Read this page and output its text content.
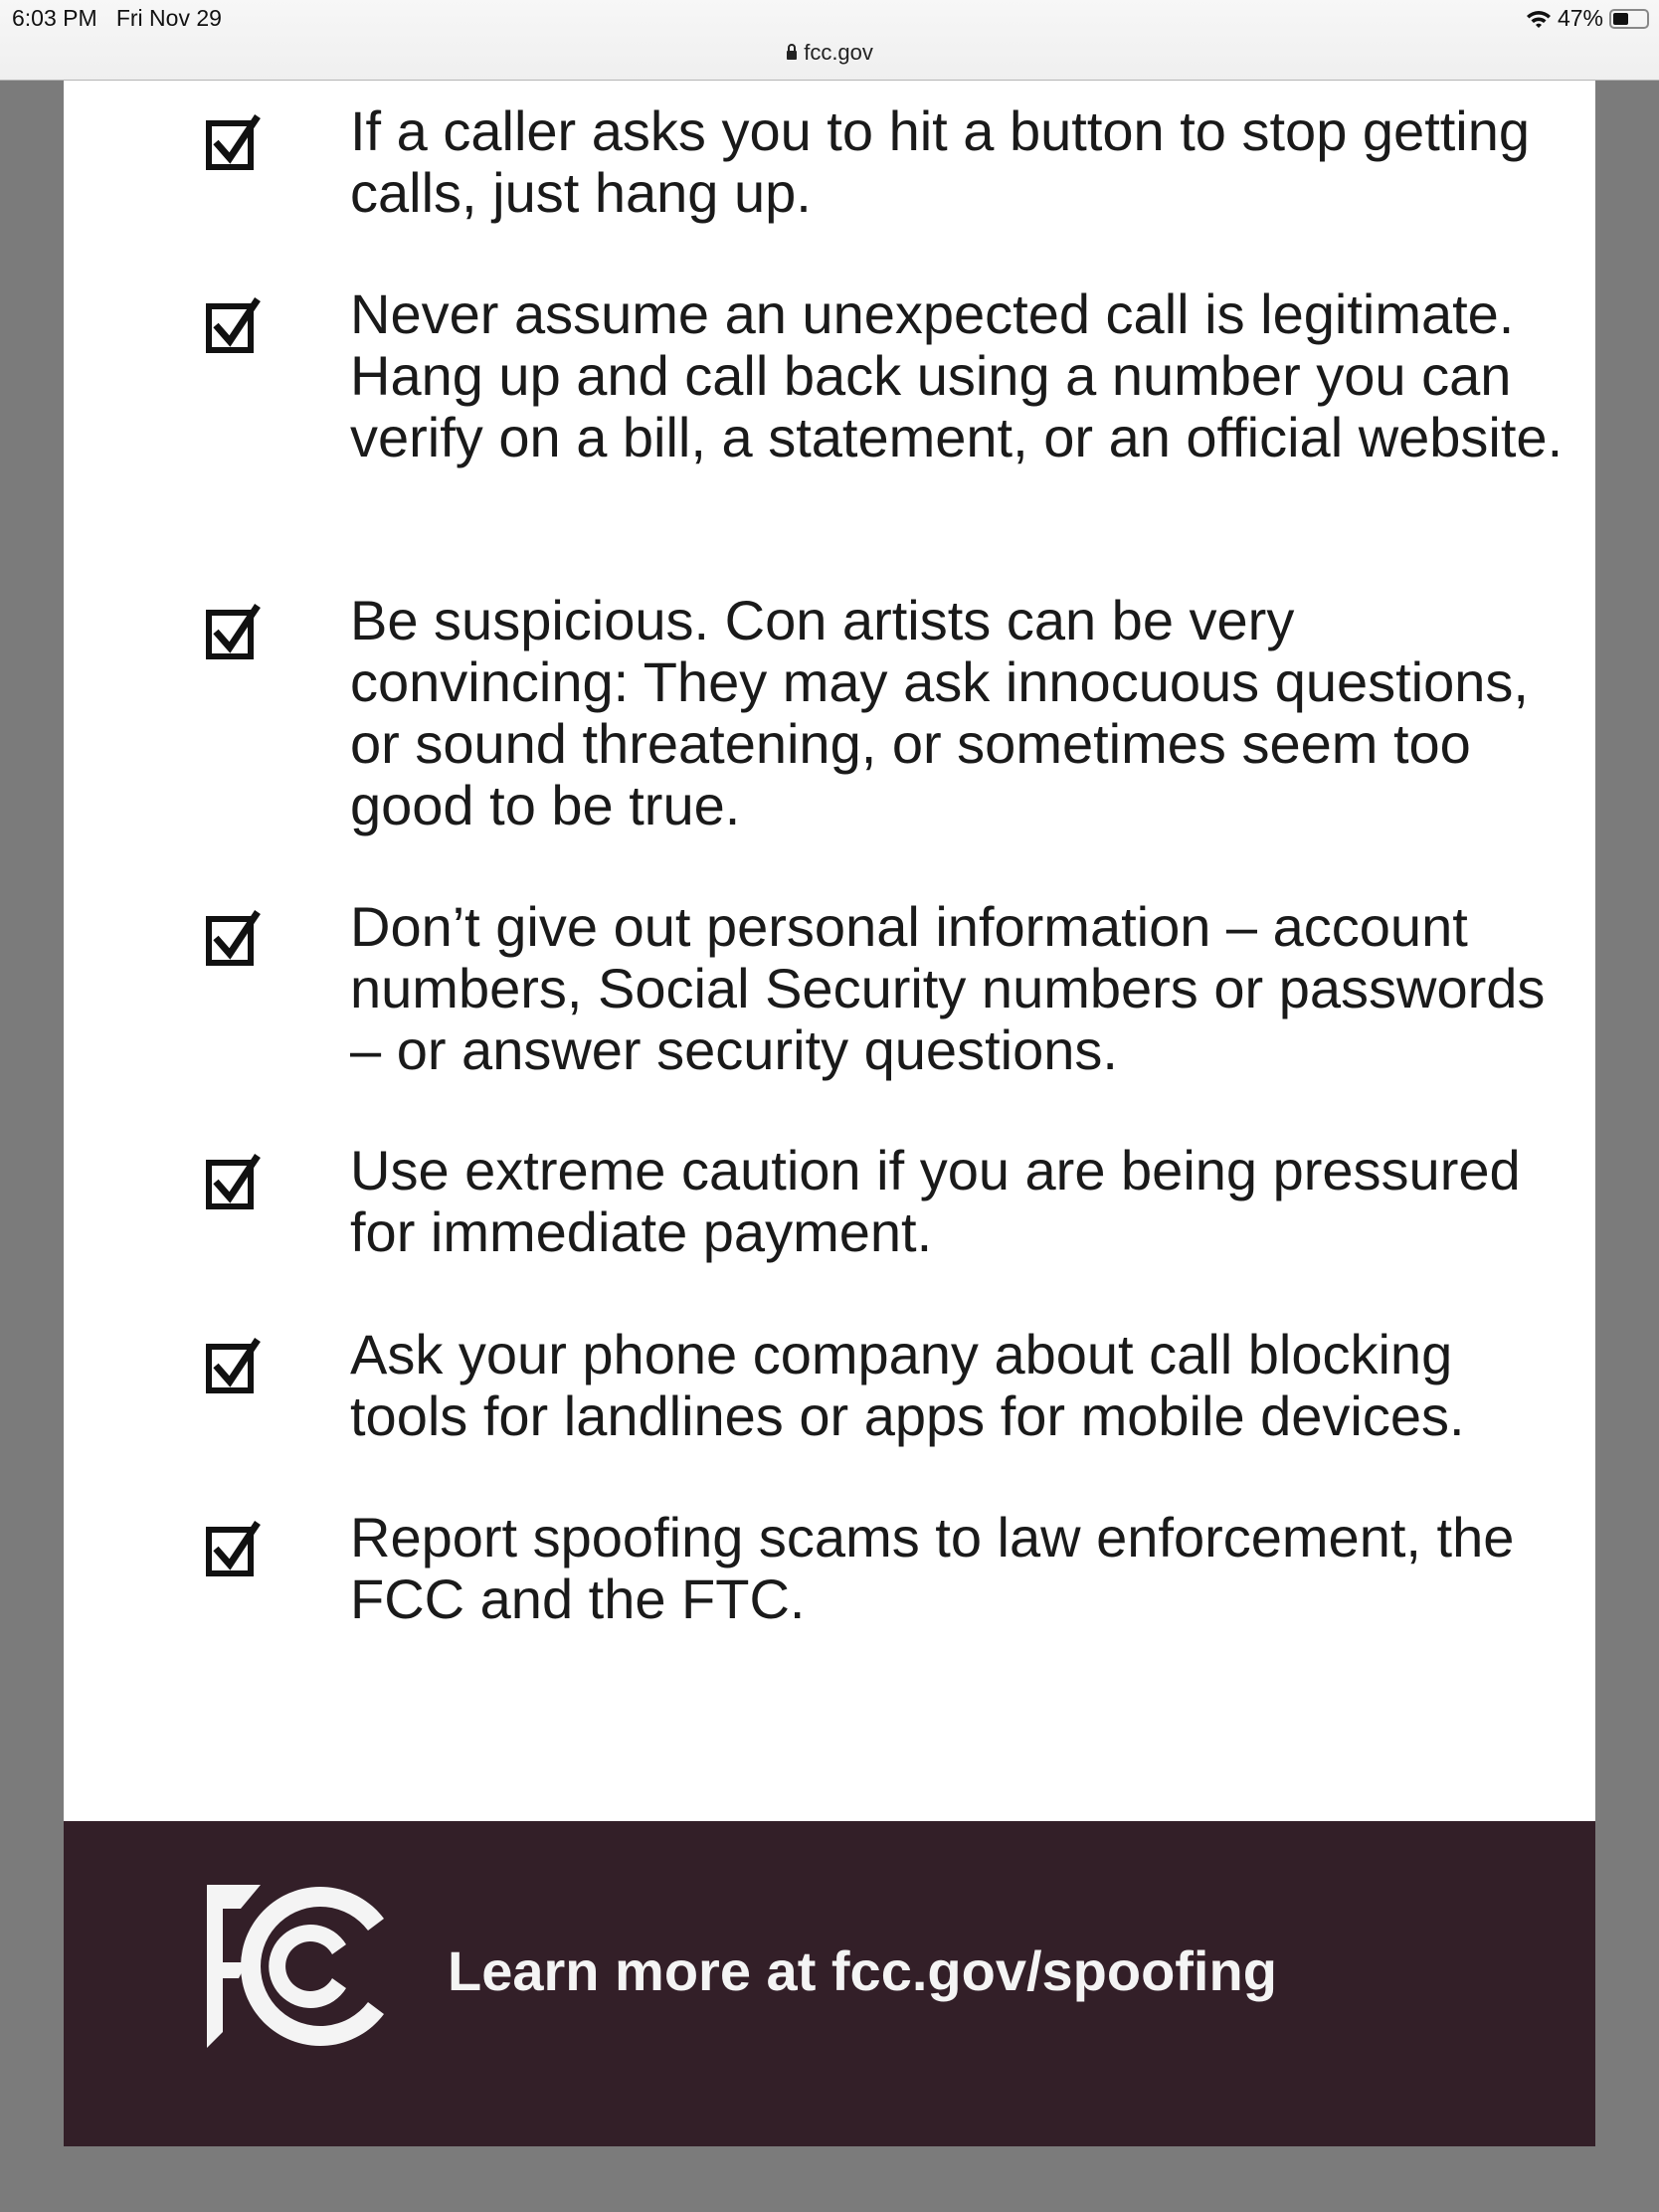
6:03 PM Fri Nov 29	47%
fcc.gov
If a caller asks you to hit a button to stop getting calls, just hang up.
Never assume an unexpected call is legitimate. Hang up and call back using a number you can verify on a bill, a statement, or an official website.
Be suspicious. Con artists can be very convincing: They may ask innocuous questions, or sound threatening, or sometimes seem too good to be true.
Don’t give out personal information – account numbers, Social Security numbers or passwords – or answer security questions.
Use extreme caution if you are being pressured for immediate payment.
Ask your phone company about call blocking tools for landlines or apps for mobile devices.
Report spoofing scams to law enforcement, the FCC and the FTC.
Learn more at fcc.gov/spoofing
